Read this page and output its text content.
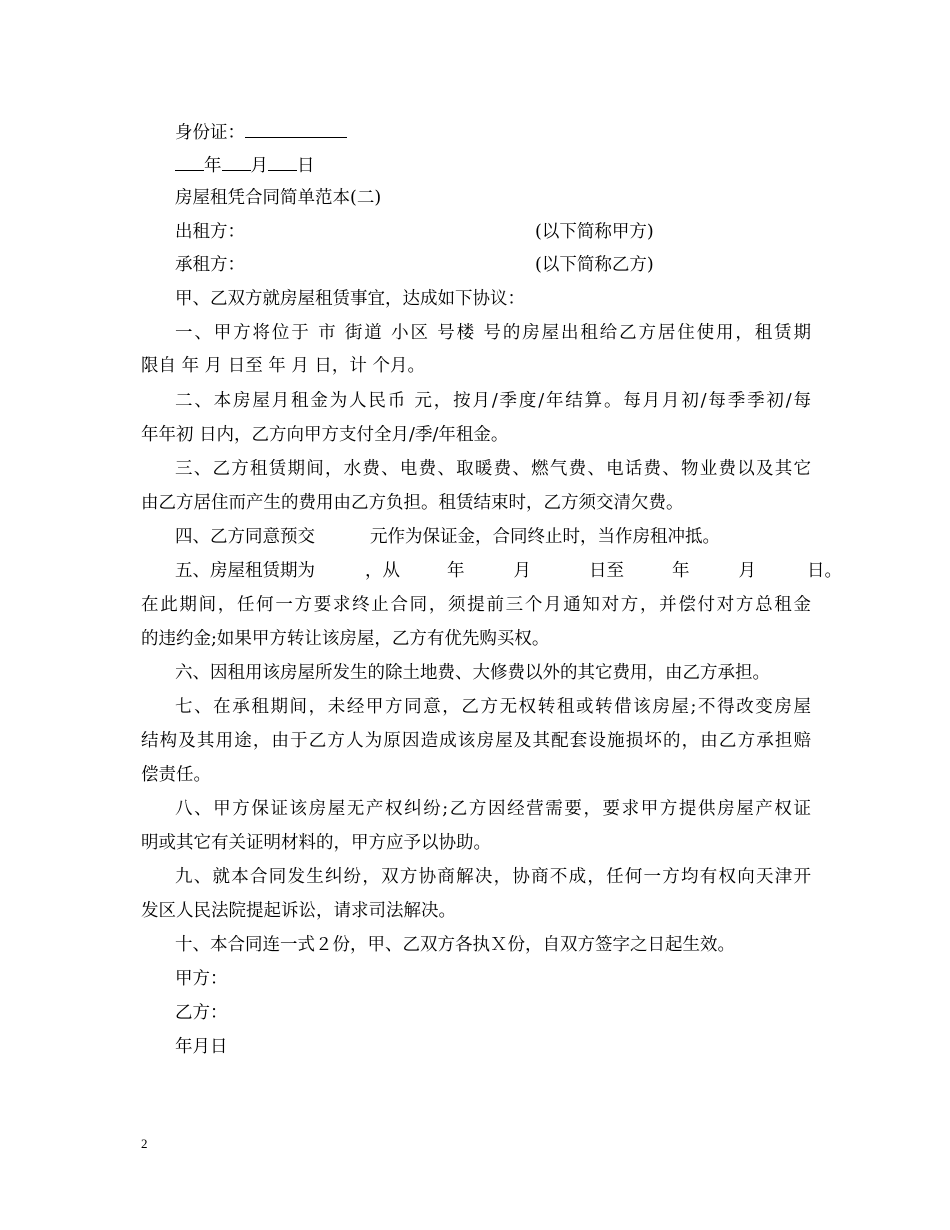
身份证：
年 月 日
房屋租凭合同简单范本(二)
出租方：	(以下简称甲方)
承租方：	(以下简称乙方)
甲、乙双方就房屋租赁事宜，达成如下协议：
一、甲方将位于 市 街道 小区 号楼 号的房屋出租给乙方居住使用，租赁期
限自 年 月 日至 年 月 日，计 个月。
二、本房屋月租金为人民币 元，按月/季度/年结算。每月月初/每季季初/每
年年初 日内，乙方向甲方支付全月/季/年租金。
三、乙方租赁期间，水费、电费、取暖费、燃气费、电话费、物业费以及其它
由乙方居住而产生的费用由乙方负担。租赁结束时，乙方须交清欠费。
四、乙方同意预交	元作为保证金，合同终止时，当作房租冲抵。
五、房屋租赁期为	，从	年	月	日至	年	月	日。
在此期间，任何一方要求终止合同，须提前三个月通知对方，并偿付对方总租金
的违约金;如果甲方转让该房屋，乙方有优先购买权。
六、因租用该房屋所发生的除土地费、大修费以外的其它费用，由乙方承担。
七、在承租期间，未经甲方同意，乙方无权转租或转借该房屋;不得改变房屋
结构及其用途，由于乙方人为原因造成该房屋及其配套设施损坏的，由乙方承担赔
偿责任。
八、甲方保证该房屋无产权纠纷;乙方因经营需要，要求甲方提供房屋产权证
明或其它有关证明材料的，甲方应予以协助。
九、就本合同发生纠纷，双方协商解决，协商不成，任何一方均有权向天津开
发区人民法院提起诉讼，请求司法解决。
十、本合同连一式２份，甲、乙双方各执Ｘ份，自双方签字之日起生效。
甲方：
乙方：
年月日
2
